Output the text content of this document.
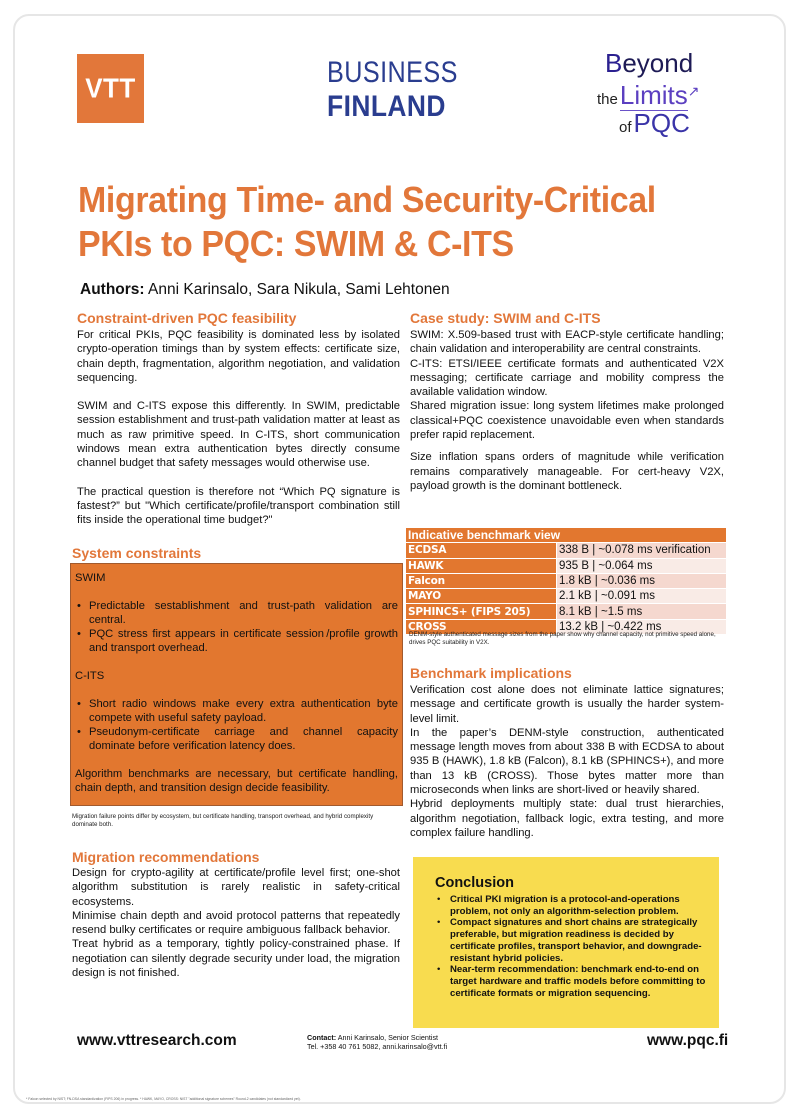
VTT	BUSINESS
FINLAND
Beyond
theLimits↗
ofPQC
Migrating Time- and Security-Critical
PKIs to PQC: SWIM & C-ITS
Authors: Anni Karinsalo, Sara Nikula, Sami Lehtonen
Constraint-driven PQC feasibility

For critical PKIs, PQC feasibility is dominated less by isolated crypto-operation timings than by system effects: certificate size, chain depth, fragmentation, algorithm negotiation, and validation sequencing.

SWIM and C-ITS expose this differently. In SWIM, predictable session establishment and trust-path validation matter at least as much as raw primitive speed. In C-ITS, short communication windows mean extra authentication bytes directly consume channel budget that safety messages would otherwise use.

The practical question is therefore not “Which PQ signature is fastest?” but "Which certificate/profile/transport combination still fits inside the operational time budget?"

System constraints

SWIM

• Predictable sestablishment and trust-path validation are central.
• PQC stress first appears in certificate session /profile growth and transport overhead.

C-ITS

• Short radio windows make every extra authentication byte compete with useful safety payload.
• Pseudonym-certificate carriage and channel capacity dominate before verification latency does.

Algorithm benchmarks are necessary, but certificate handling, chain depth, and transition design decide feasibility.

Migration failure points differ by ecosystem, but certificate handling, transport overhead, and hybrid complexity dominate both.
Migration recommendations

Design for crypto-agility at certificate/profile level first; one-shot algorithm substitution is rarely realistic in safety-critical ecosystems.

Minimise chain depth and avoid protocol patterns that repeatedly resend bulky certificates or require ambiguous fallback behavior.

Treat hybrid as a temporary, tightly policy-constrained phase. If negotiation can silently degrade security under load, the migration design is not finished.

Case study: SWIM and C-ITS

SWIM: X.509-based trust with EACP-style certificate handling; chain validation and interoperability are central constraints.

C-ITS: ETSI/IEEE certificate formats and authenticated V2X messaging; certificate carriage and mobility compress the available validation window.

Shared migration issue: long system lifetimes make prolonged classical+PQC coexistence unavoidable even when standards prefer rapid replacement.

Size inflation spans orders of magnitude while verification remains comparatively manageable. For cert-heavy V2X, payload growth is the dominant bottleneck.

Indicative benchmark view	
ECDSA	338 B | ~0.078 ms verification
HAWK	935 B | ~0.064 ms
Falcon	1.8 kB | ~0.036 ms
MAYO	2.1 kB | ~0.091 ms
SPHINCS+ (FIPS 205)	8.1 kB | ~1.5 ms
CROSS	13.2 kB | ~0.422 ms
DENM-style authenticated message sizes from the paper show why channel capacity, not primitive speed alone, drives PQC suitability in V2X.
Benchmark implications

Verification cost alone does not eliminate lattice signatures; message and certificate growth is usually the harder system-level limit.

In the paper’s DENM-style construction, authenticated message length moves from about 338 B with ECDSA to about 935 B (HAWK), 1.8 kB (Falcon), 8.1 kB (SPHINCS+), and more than 13 kB (CROSS). Those bytes matter more than microseconds when links are short-lived or heavily shared.

Hybrid deployments multiply state: dual trust hierarchies, algorithm negotiation, fallback logic, extra testing, and more complex failure handling.

Conclusion
• Critical PKI migration is a protocol-and-operations problem, not only an algorithm-selection problem.
• Compact signatures and short chains are strategically preferable, but migration readiness is decided by certificate profiles, transport behavior, and downgrade-resistant hybrid policies.
• Near-term recommendation: benchmark end-to-end on target hardware and traffic models before committing to certificate formats or migration sequencing.
www.vttresearch.com	Contact: Anni Karinsalo, Senior Scientist
Tel. +358 40 761 5082, anni.karinsalo@vtt.fi	www.pqc.fi
* Falcon selected by NIST; FN-DSA standardization (FIPS 206) in progress. * HAWK, MAYO, CROSS: NIST "additional signature schemes" Round-2 candidates (not standardized yet).
